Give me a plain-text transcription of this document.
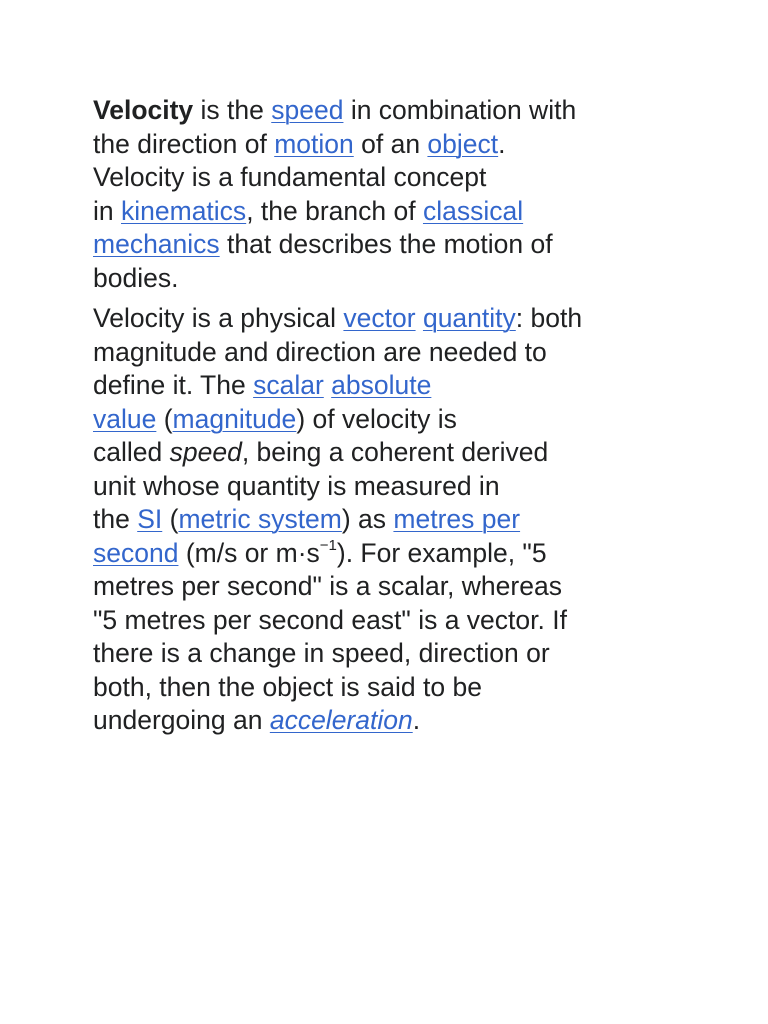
Velocity is the speed in combination with
the direction of motion of an object.
Velocity is a fundamental concept
in kinematics, the branch of classical
mechanics that describes the motion of
bodies.

Velocity is a physical vector quantity: both
magnitude and direction are needed to
define it. The scalar absolute
value (magnitude) of velocity is
called speed, being a coherent derived
unit whose quantity is measured in
the SI (metric system) as metres per
second (m/s or $m\cdot s^{-1}$). For example, "5
metres per second" is a scalar, whereas
"5 metres per second east" is a vector. If
there is a change in speed, direction or
both, then the object is said to be
undergoing an acceleration.
